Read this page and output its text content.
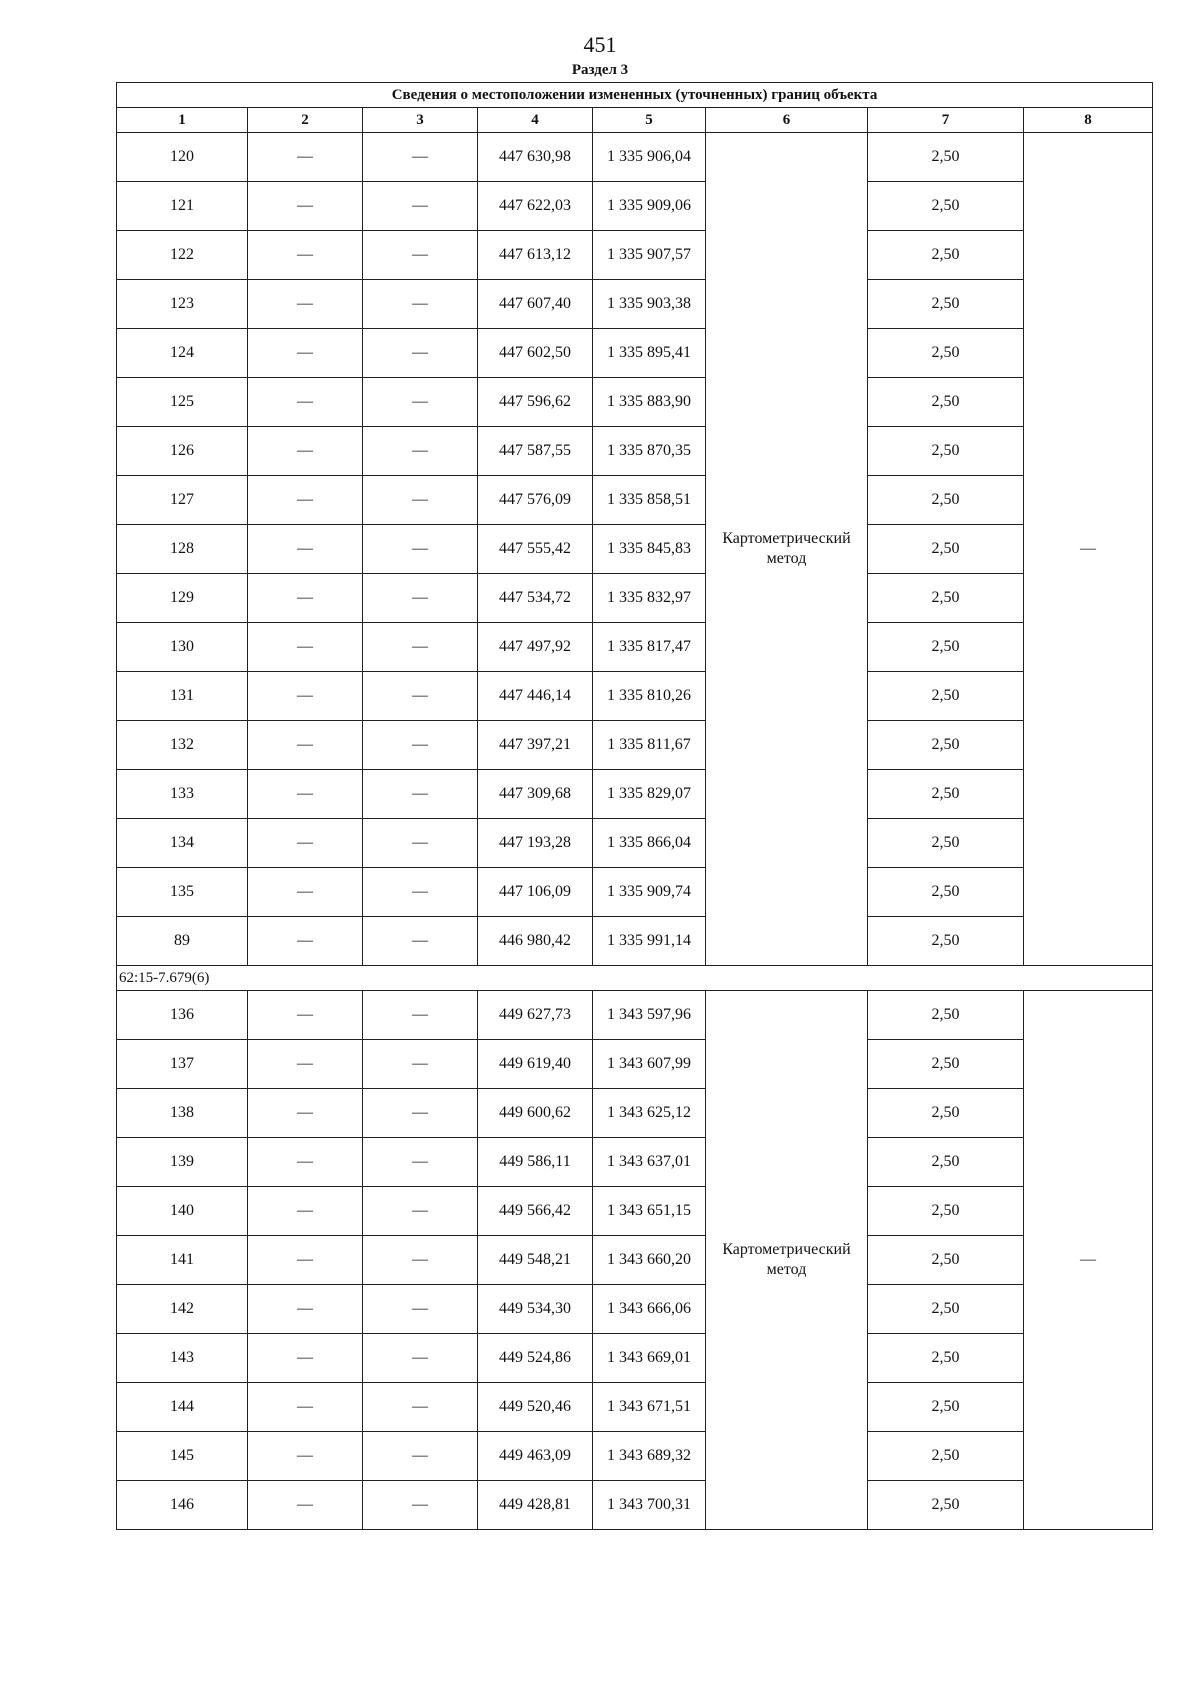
451
Раздел 3
Сведения о местоположении измененных (уточненных) границ объекта							
1	2	3	4	5	6	7	8
120	—	—	447 630,98	1 335 906,04	Картометрический метод	2,50	—
121	—	—	447 622,03	1 335 909,06		2,50	
122	—	—	447 613,12	1 335 907,57		2,50	
123	—	—	447 607,40	1 335 903,38		2,50	
124	—	—	447 602,50	1 335 895,41		2,50	
125	—	—	447 596,62	1 335 883,90		2,50	
126	—	—	447 587,55	1 335 870,35		2,50	
127	—	—	447 576,09	1 335 858,51		2,50	
128	—	—	447 555,42	1 335 845,83		2,50	
129	—	—	447 534,72	1 335 832,97		2,50	
130	—	—	447 497,92	1 335 817,47		2,50	
131	—	—	447 446,14	1 335 810,26		2,50	
132	—	—	447 397,21	1 335 811,67		2,50	
133	—	—	447 309,68	1 335 829,07		2,50	
134	—	—	447 193,28	1 335 866,04		2,50	
135	—	—	447 106,09	1 335 909,74		2,50	
89	—	—	446 980,42	1 335 991,14		2,50	
62:15-7.679(6)							
136	—	—	449 627,73	1 343 597,96	Картометрический метод	2,50	—
137	—	—	449 619,40	1 343 607,99		2,50	
138	—	—	449 600,62	1 343 625,12		2,50	
139	—	—	449 586,11	1 343 637,01		2,50	
140	—	—	449 566,42	1 343 651,15		2,50	
141	—	—	449 548,21	1 343 660,20		2,50	
142	—	—	449 534,30	1 343 666,06		2,50	
143	—	—	449 524,86	1 343 669,01		2,50	
144	—	—	449 520,46	1 343 671,51		2,50	
145	—	—	449 463,09	1 343 689,32		2,50	
146	—	—	449 428,81	1 343 700,31		2,50	
